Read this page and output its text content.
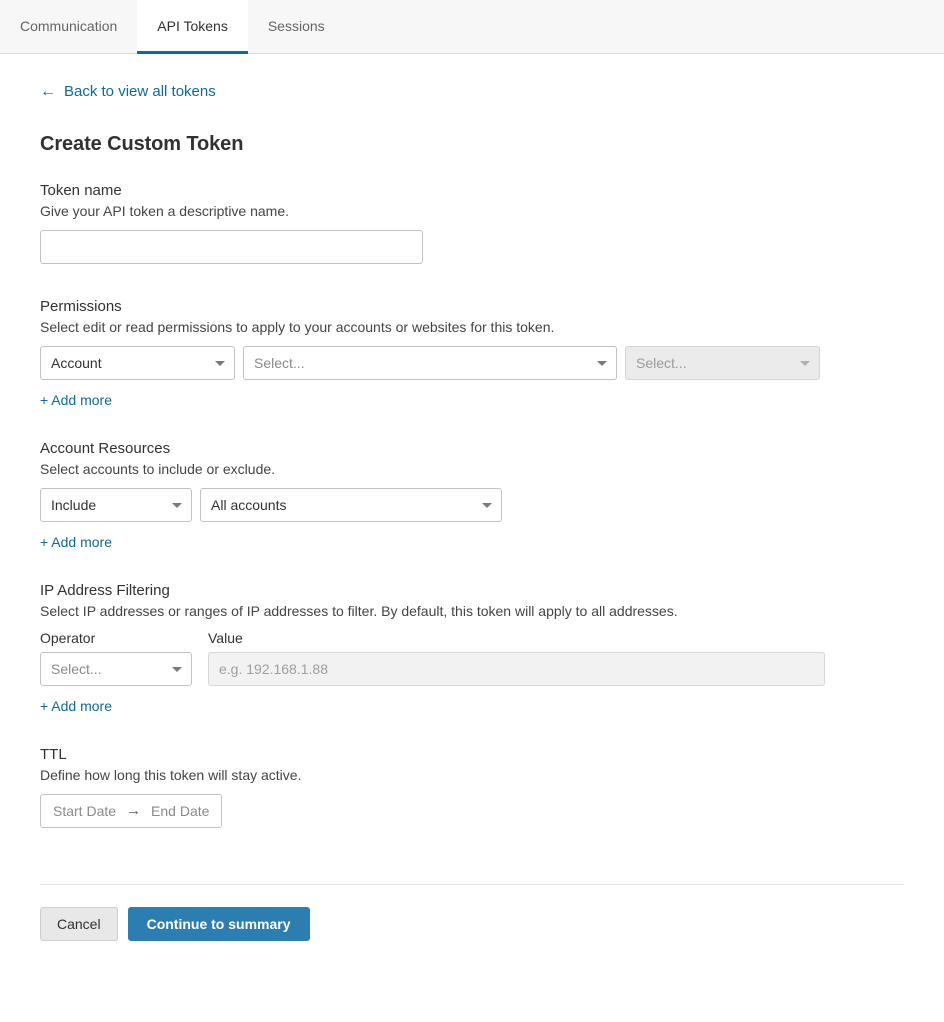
Communication	API Tokens	Sessions
← Back to view all tokens
Create Custom Token
Token name
Give your API token a descriptive name.
Permissions
Select edit or read permissions to apply to your accounts or websites for this token.
Account	Select...	Select...
+ Add more
Account Resources
Select accounts to include or exclude.
Include	All accounts
+ Add more
IP Address Filtering
Select IP addresses or ranges of IP addresses to filter. By default, this token will apply to all addresses.
Operator
Select...
Value
e.g. 192.168.1.88
+ Add more
TTL
Define how long this token will stay active.
Start Date → End Date
Cancel	Continue to summary
